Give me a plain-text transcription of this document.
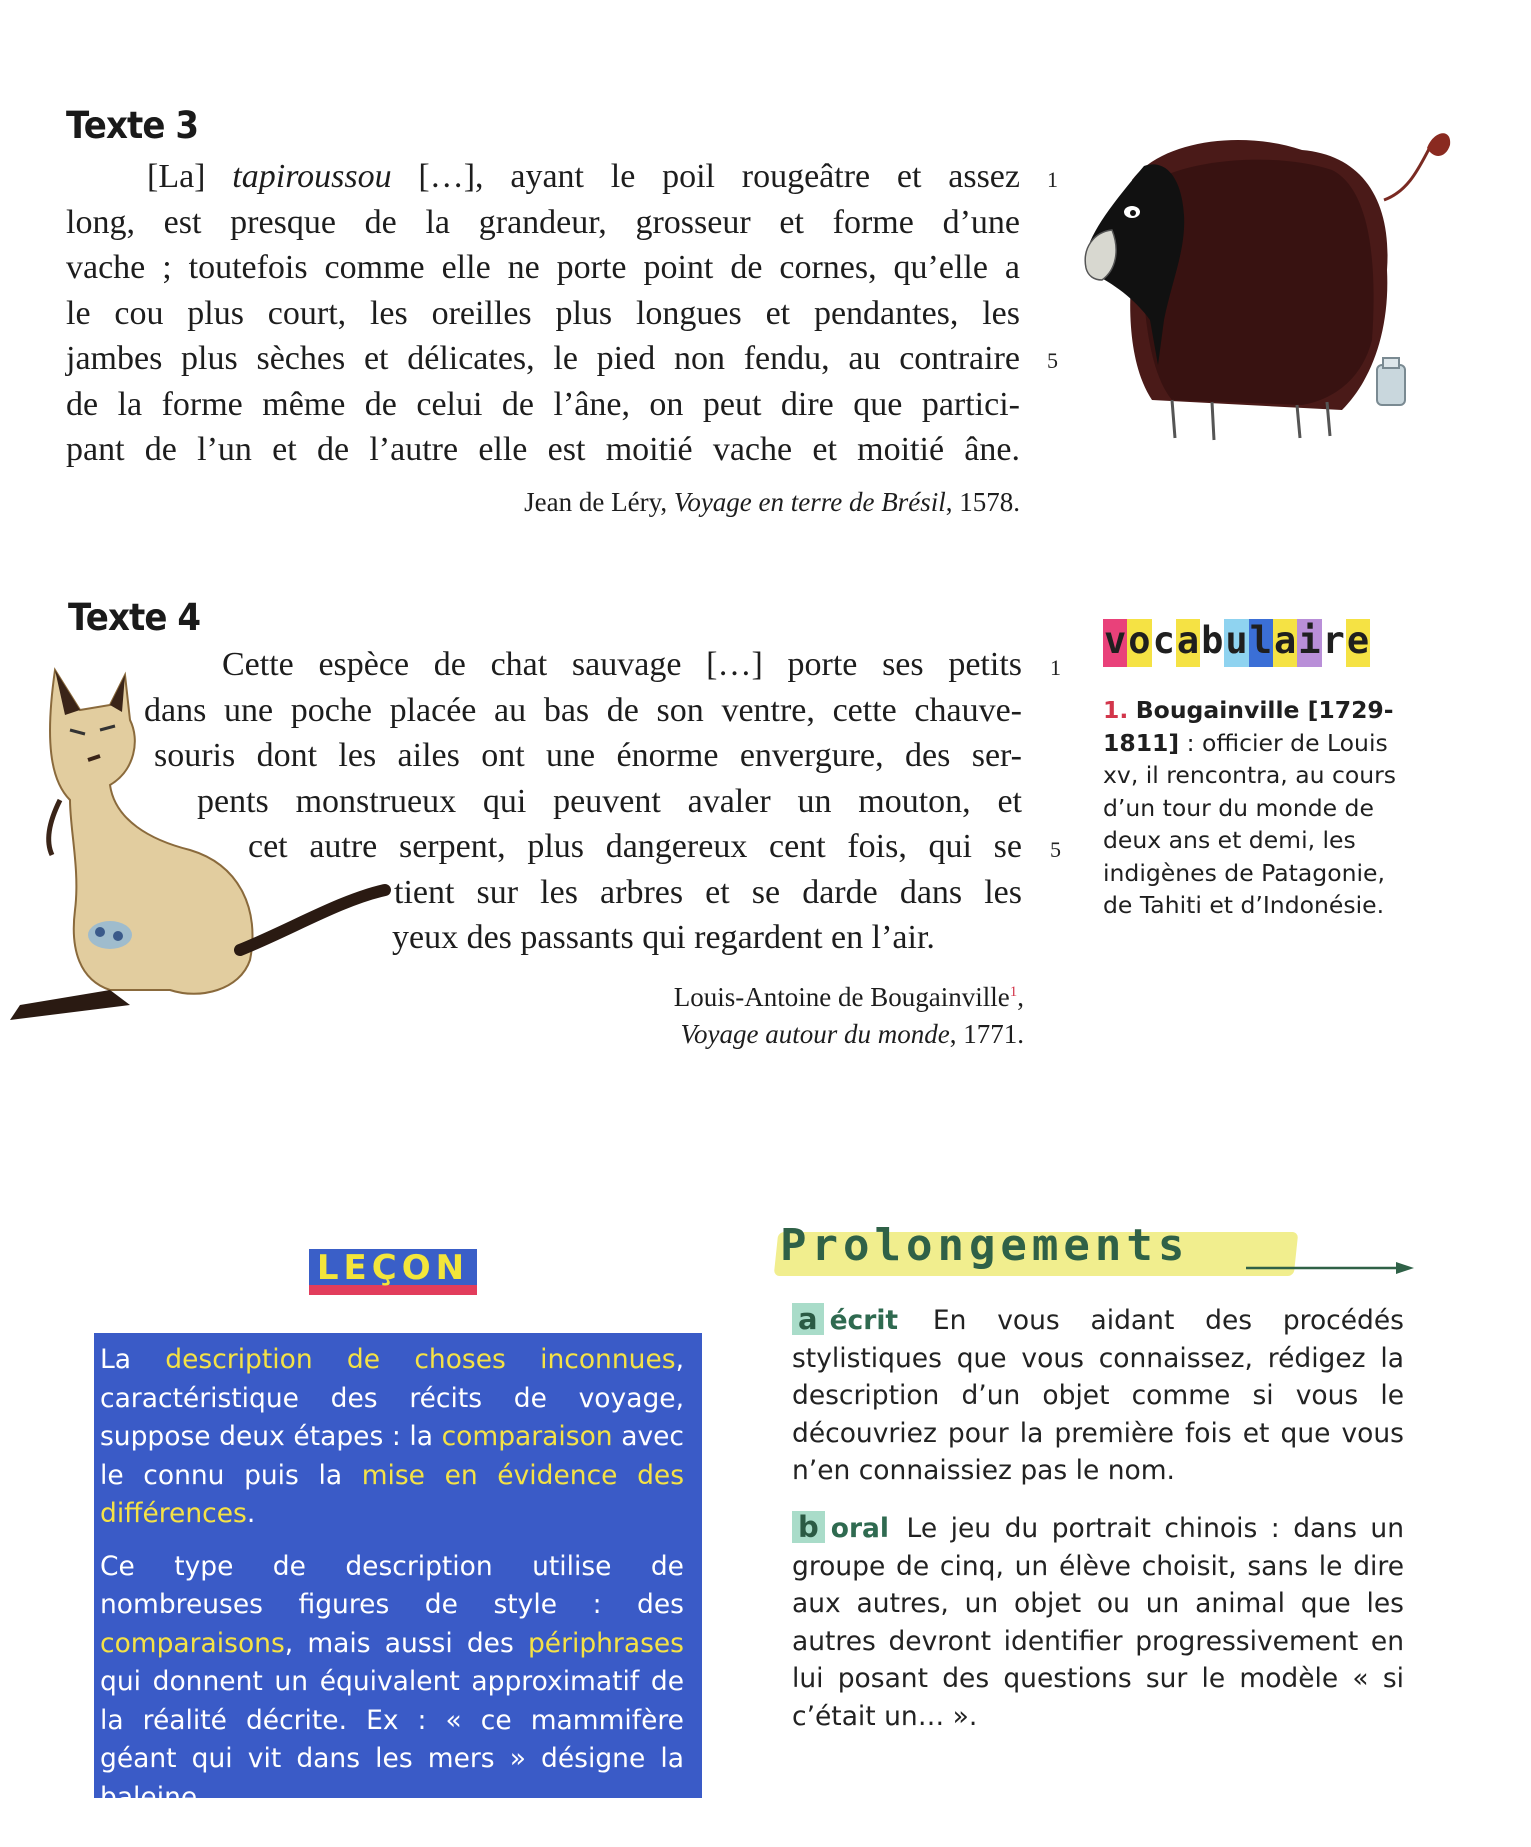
Texte 3
[La] tapiroussou […], ayant le poil rougeâtre et assez
long, est presque de la grandeur, grosseur et forme d’une
vache ; toutefois comme elle ne porte point de cornes, qu’elle a
le cou plus court, les oreilles plus longues et pendantes, les
jambes plus sèches et délicates, le pied non fendu, au contraire
de la forme même de celui de l’âne, on peut dire que partici-
pant de l’un et de l’autre elle est moitié vache et moitié âne.
1
5
Jean de Léry, Voyage en terre de Brésil, 1578.
Texte 4
Cette espèce de chat sauvage […] porte ses petits
dans une poche placée au bas de son ventre, cette chauve-
souris dont les ailes ont une énorme envergure, des ser-
pents monstrueux qui peuvent avaler un mouton, et
cet autre serpent, plus dangereux cent fois, qui se
tient sur les arbres et se darde dans les
yeux des passants qui regardent en l’air.
1
5
Louis-Antoine de Bougainville$^1$,
Voyage autour du monde, 1771.
v o c a b u l a i r e
1. Bougainville [1729-1811] : officier de Louis xv, il rencontra, au cours d’un tour du monde de deux ans et demi, les indigènes de Patagonie, de Tahiti et d’Indonésie.
LEÇON

La description de choses inconnues, caractéristique des récits de voyage, suppose deux étapes : la comparaison avec le connu puis la mise en évidence des différences.

Ce type de description utilise de nombreuses figures de style : des comparaisons, mais aussi des périphrases qui donnent un équivalent approximatif de la réalité décrite. Ex : « ce mammifère géant qui vit dans les mers » désigne la baleine.

Prolongements
a écrit En vous aidant des procédés stylistiques que vous connaissez, rédigez la description d’un objet comme si vous le découvriez pour la première fois et que vous n’en connaissiez pas le nom.
b oral Le jeu du portrait chinois : dans un groupe de cinq, un élève choisit, sans le dire aux autres, un objet ou un animal que les autres devront identifier progressivement en lui posant des questions sur le modèle « si c’était un… ».
